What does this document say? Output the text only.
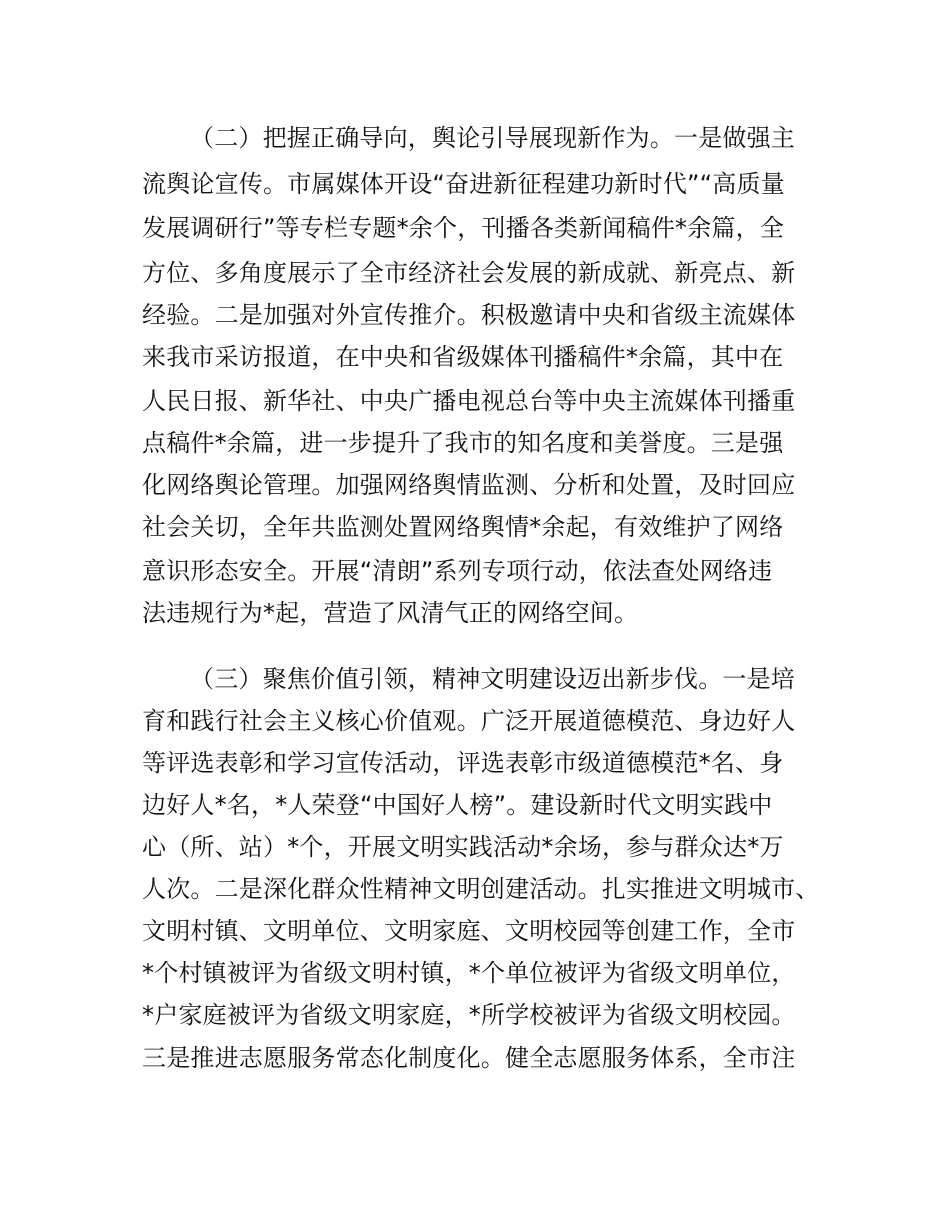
（二）把握正确导向，舆论引导展现新作为。一是做强主
流舆论宣传。市属媒体开设“奋进新征程建功新时代”“高质量
发展调研行”等专栏专题*余个，刊播各类新闻稿件*余篇，全
方位、多角度展示了全市经济社会发展的新成就、新亮点、新
经验。二是加强对外宣传推介。积极邀请中央和省级主流媒体
来我市采访报道，在中央和省级媒体刊播稿件*余篇，其中在
人民日报、新华社、中央广播电视总台等中央主流媒体刊播重
点稿件*余篇，进一步提升了我市的知名度和美誉度。三是强
化网络舆论管理。加强网络舆情监测、分析和处置，及时回应
社会关切，全年共监测处置网络舆情*余起，有效维护了网络
意识形态安全。开展“清朗”系列专项行动，依法查处网络违
法违规行为*起，营造了风清气正的网络空间。
（三）聚焦价值引领，精神文明建设迈出新步伐。一是培
育和践行社会主义核心价值观。广泛开展道德模范、身边好人
等评选表彰和学习宣传活动，评选表彰市级道德模范*名、身
边好人*名，*人荣登“中国好人榜”。建设新时代文明实践中
心（所、站）*个，开展文明实践活动*余场，参与群众达*万
人次。二是深化群众性精神文明创建活动。扎实推进文明城市、
文明村镇、文明单位、文明家庭、文明校园等创建工作，全市
*个村镇被评为省级文明村镇，*个单位被评为省级文明单位，
*户家庭被评为省级文明家庭，*所学校被评为省级文明校园。
三是推进志愿服务常态化制度化。健全志愿服务体系，全市注
